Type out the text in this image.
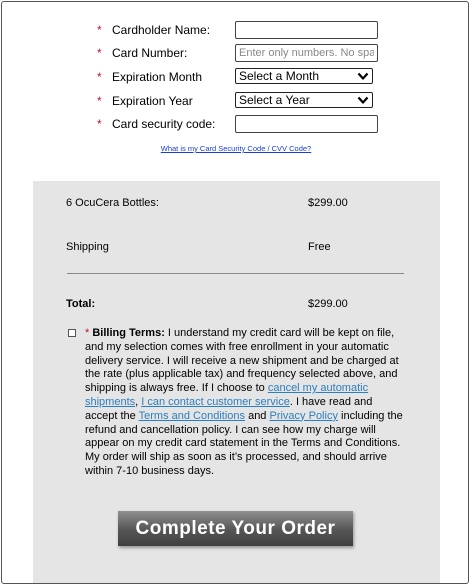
* Cardholder Name:
* Card Number:
Enter only numbers. No spaces
* Expiration Month	Select a Month
* Expiration Year	Select a Year
* Card security code:
What is my Card Security Code / CVV Code?
6 OcuCera Bottles:	$299.00
Shipping	Free
Total:	$299.00
* Billing Terms: I understand my credit card will be kept on file, and my selection comes with free enrollment in your automatic delivery service. I will receive a new shipment and be charged at the rate (plus applicable tax) and frequency selected above, and shipping is always free. If I choose to cancel my automatic shipments, I can contact customer service. I have read and accept the Terms and Conditions and Privacy Policy including the refund and cancellation policy. I can see how my charge will appear on my credit card statement in the Terms and Conditions. My order will ship as soon as it’s processed, and should arrive within 7-10 business days.
Complete Your Order
